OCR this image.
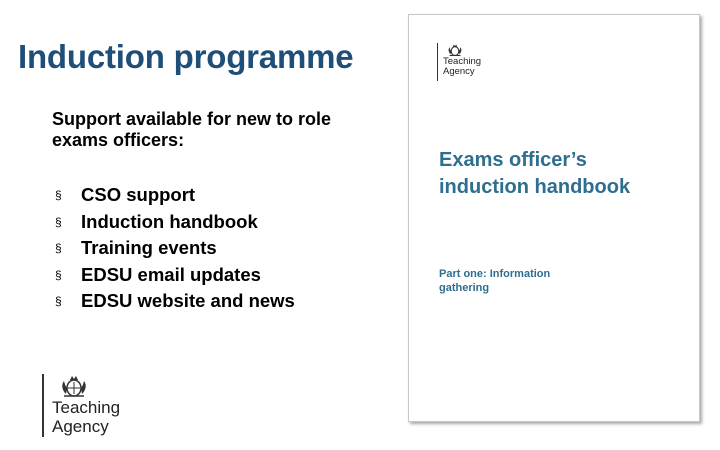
Induction programme
Support available for new to role exams officers:
§	CSO support
§	Induction handbook
§	Training events
§	EDSU email updates
§	EDSU website and news
Teaching
Agency
Teaching
Agency
Exams officer’s induction handbook
Part one: Information gathering
